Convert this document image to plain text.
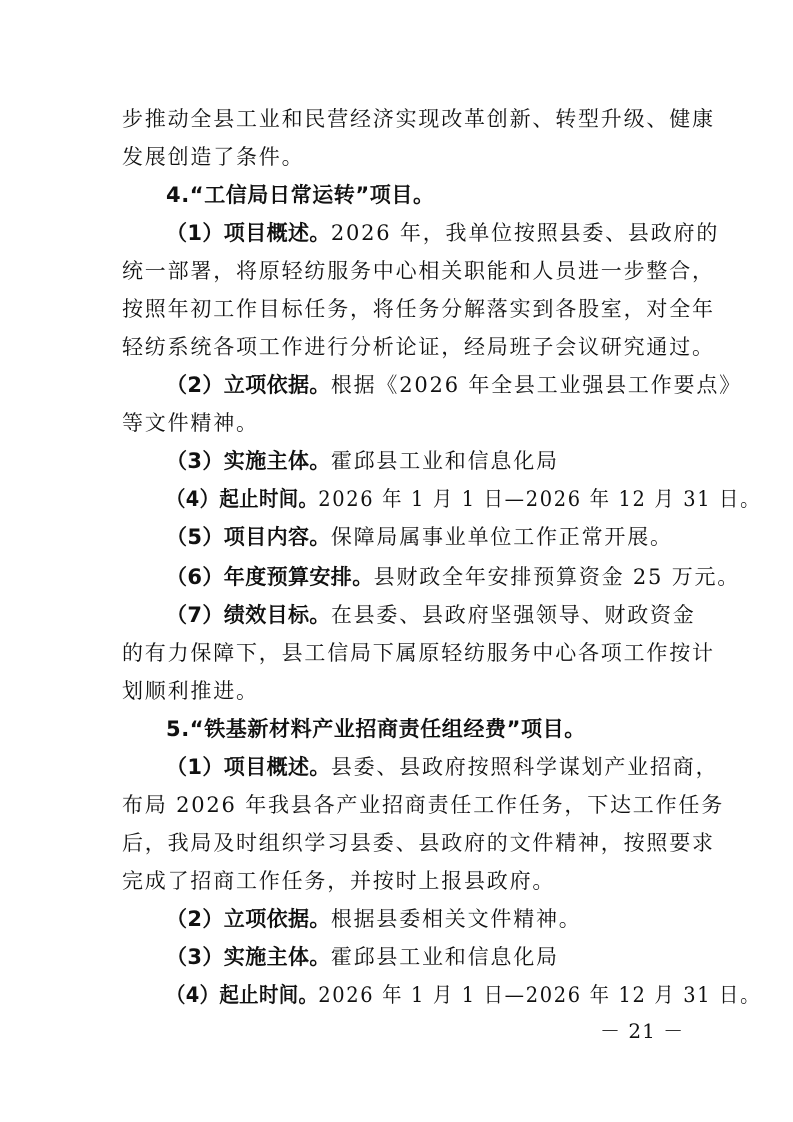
步推动全县工业和民营经济实现改革创新、转型升级、健康
发展创造了条件。
4.“工信局日常运转”项目。
（1）项目概述。2026 年，我单位按照县委、县政府的
统一部署，将原轻纺服务中心相关职能和人员进一步整合，
按照年初工作目标任务，将任务分解落实到各股室，对全年
轻纺系统各项工作进行分析论证，经局班子会议研究通过。
（2）立项依据。根据《2026 年全县工业强县工作要点》
等文件精神。
（3）实施主体。霍邱县工业和信息化局
（4）起止时间。2026 年 1 月 1 日—2026 年 12 月 31 日。
（5）项目内容。保障局属事业单位工作正常开展。
（6）年度预算安排。县财政全年安排预算资金 25 万元。
（7）绩效目标。在县委、县政府坚强领导、财政资金
的有力保障下，县工信局下属原轻纺服务中心各项工作按计
划顺利推进。
5.“铁基新材料产业招商责任组经费”项目。
（1）项目概述。县委、县政府按照科学谋划产业招商，
布局 2026 年我县各产业招商责任工作任务，下达工作任务
后，我局及时组织学习县委、县政府的文件精神，按照要求
完成了招商工作任务，并按时上报县政府。
（2）立项依据。根据县委相关文件精神。
（3）实施主体。霍邱县工业和信息化局
（4）起止时间。2026 年 1 月 1 日—2026 年 12 月 31 日。
－ 21 －
